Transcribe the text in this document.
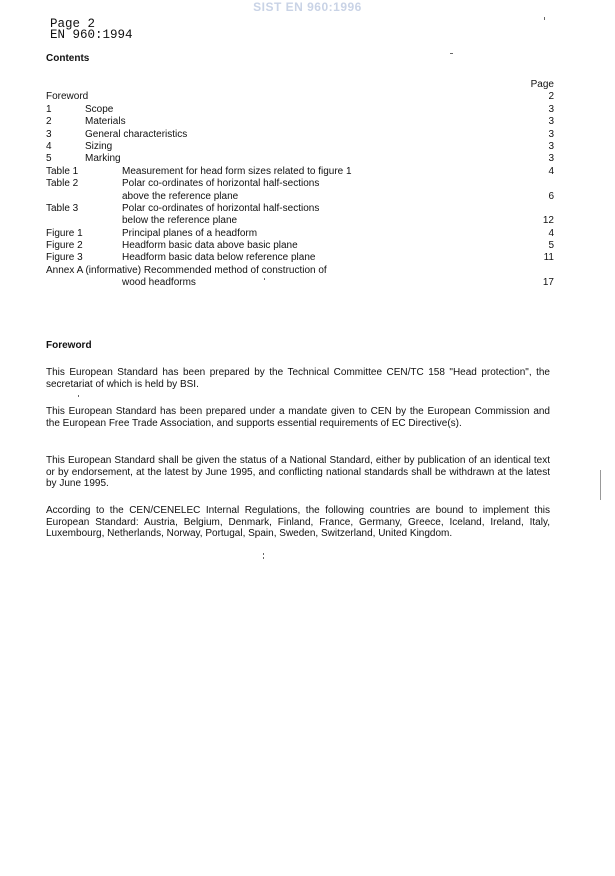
SIST EN 960:1996
Page 2
EN 960:1994
Contents
Page
Foreword	2
1	Scope	3
2	Materials	3
3	General characteristics	3
4	Sizing	3
5	Marking	3
Table 1	Measurement for head form sizes related to figure 1	4
Table 2	Polar co-ordinates of horizontal half-sections
above the reference plane	6
Table 3	Polar co-ordinates of horizontal half-sections
below the reference plane	12
Figure 1	Principal planes of a headform	4
Figure 2	Headform basic data above basic plane	5
Figure 3	Headform basic data below reference plane	11
Annex A (informative) Recommended method of construction of
wood headforms	17
Foreword
This European Standard has been prepared by the Technical Committee CEN/TC 158 "Head protection", the secretariat of which is held by BSI.
This European Standard has been prepared under a mandate given to CEN by the European Commission and the European Free Trade Association, and supports essential requirements of EC Directive(s).
This European Standard shall be given the status of a National Standard, either by publication of an identical text or by endorsement, at the latest by June 1995, and conflicting national standards shall be withdrawn at the latest by June 1995.
According to the CEN/CENELEC Internal Regulations, the following countries are bound to implement this European Standard: Austria, Belgium, Denmark, Finland, France, Germany, Greece, Iceland, Ireland, Italy, Luxembourg, Netherlands, Norway, Portugal, Spain, Sweden, Switzerland, United Kingdom.
